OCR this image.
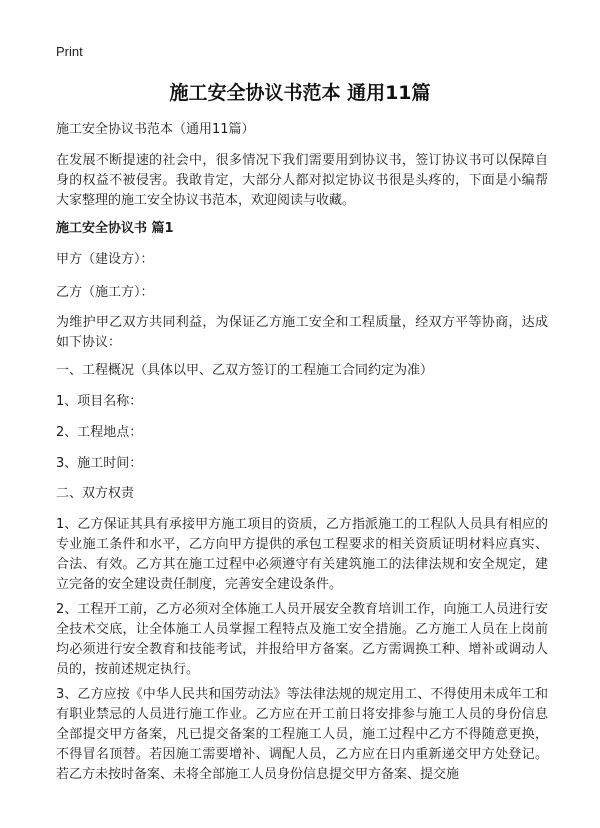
Print
施工安全协议书范本 通用11篇

施工安全协议书范本（通用11篇）

在发展不断提速的社会中，很多情况下我们需要用到协议书，签订协议书可以保障自身的权益不被侵害。我敢肯定，大部分人都对拟定协议书很是头疼的，下面是小编帮大家整理的施工安全协议书范本，欢迎阅读与收藏。

施工安全协议书 篇1

甲方（建设方）：

乙方（施工方）：

为维护甲乙双方共同利益，为保证乙方施工安全和工程质量，经双方平等协商，达成如下协议：

一、工程概况（具体以甲、乙双方签订的工程施工合同约定为准）

1、项目名称：

2、工程地点：

3、施工时间：

二、双方权责

1、乙方保证其具有承接甲方施工项目的资质，乙方指派施工的工程队人员具有相应的专业施工条件和水平，乙方向甲方提供的承包工程要求的相关资质证明材料应真实、合法、有效。乙方其在施工过程中必须遵守有关建筑施工的法律法规和安全规定，建立完备的安全建设责任制度，完善安全建设条件。

2、工程开工前，乙方必须对全体施工人员开展安全教育培训工作，向施工人员进行安全技术交底，让全体施工人员掌握工程特点及施工安全措施。乙方施工人员在上岗前均必须进行安全教育和技能考试，并报给甲方备案。乙方需调换工种、增补或调动人员的，按前述规定执行。

3、乙方应按《中华人民共和国劳动法》等法律法规的规定用工、不得使用未成年工和有职业禁忌的人员进行施工作业。乙方应在开工前日将安排参与施工人员的身份信息全部提交甲方备案，凡已提交备案的工程施工人员，施工过程中乙方不得随意更换，不得冒名顶替。若因施工需要增补、调配人员，乙方应在日内重新递交甲方处登记。若乙方未按时备案、未将全部施工人员身份信息提交甲方备案、提交施
